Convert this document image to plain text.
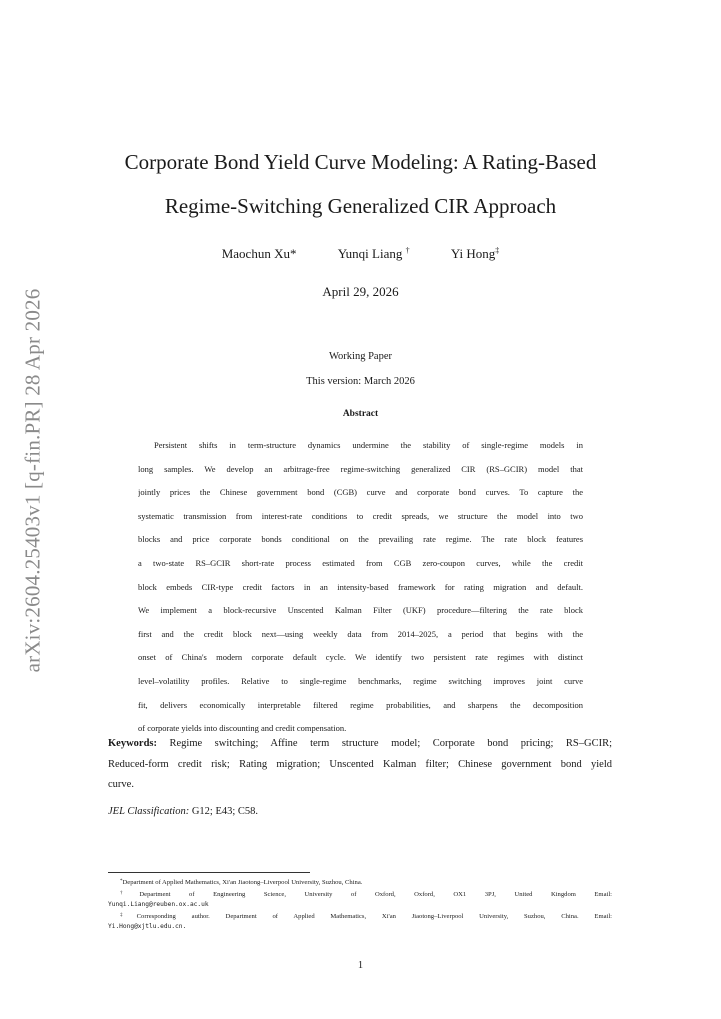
arXiv:2604.25403v1 [q-fin.PR] 28 Apr 2026
Corporate Bond Yield Curve Modeling: A Rating-Based
Regime-Switching Generalized CIR Approach
Maochun Xu*	Yunqi Liang †	Yi Hong‡
April 29, 2026
Working Paper
This version: March 2026
Abstract
Persistent shifts in term-structure dynamics undermine the stability of single-regime models in
long samples. We develop an arbitrage-free regime-switching generalized CIR (RS–GCIR) model that
jointly prices the Chinese government bond (CGB) curve and corporate bond curves. To capture the
systematic transmission from interest-rate conditions to credit spreads, we structure the model into two
blocks and price corporate bonds conditional on the prevailing rate regime. The rate block features
a two-state RS–GCIR short-rate process estimated from CGB zero-coupon curves, while the credit
block embeds CIR-type credit factors in an intensity-based framework for rating migration and default.
We implement a block-recursive Unscented Kalman Filter (UKF) procedure—filtering the rate block
first and the credit block next—using weekly data from 2014–2025, a period that begins with the
onset of China's modern corporate default cycle. We identify two persistent rate regimes with distinct
level–volatility profiles. Relative to single-regime benchmarks, regime switching improves joint curve
fit, delivers economically interpretable filtered regime probabilities, and sharpens the decomposition
of corporate yields into discounting and credit compensation.
Keywords: Regime switching; Affine term structure model; Corporate bond pricing; RS–GCIR;
Reduced-form credit risk; Rating migration; Unscented Kalman filter; Chinese government bond yield
curve.
JEL Classification: G12; E43; C58.
*Department of Applied Mathematics, Xi'an Jiaotong–Liverpool University, Suzhou, China.
†Department of Engineering Science, University of Oxford, Oxford, OX1 3PJ, United Kingdom Email:
Yunqi.Liang@reuben.ox.ac.uk
‡Corresponding author. Department of Applied Mathematics, Xi'an Jiaotong–Liverpool University, Suzhou, China. Email:
Yi.Hong@xjtlu.edu.cn.
1
